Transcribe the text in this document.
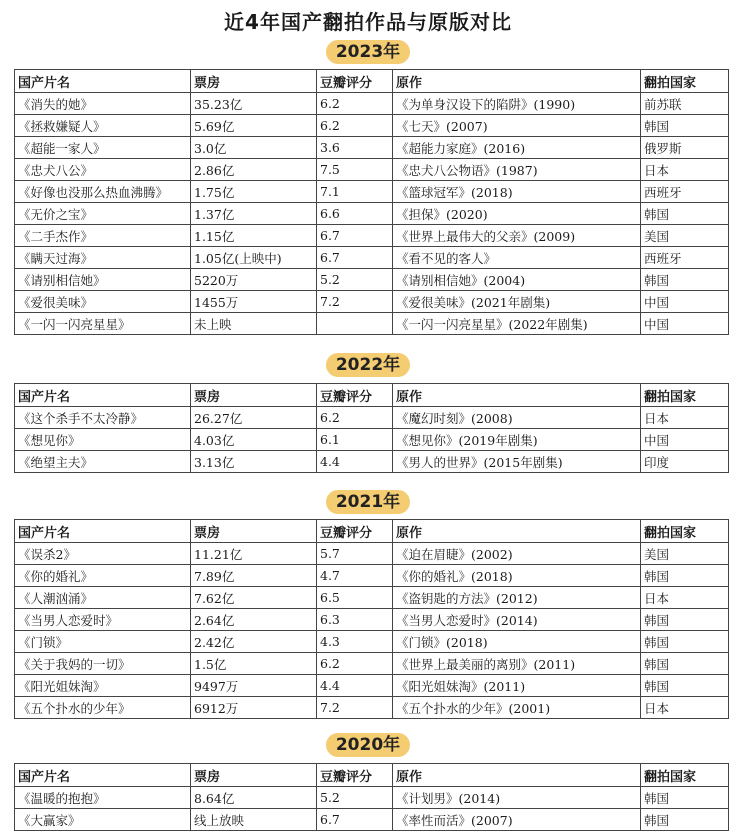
近4年国产翻拍作品与原版对比
2023年
国产片名	票房	豆瓣评分	原作	翻拍国家
《消失的她》	35.23亿	6.2	《为单身汉设下的陷阱》(1990)	前苏联
《拯救嫌疑人》	5.69亿	6.2	《七天》(2007)	韩国
《超能一家人》	3.0亿	3.6	《超能力家庭》(2016)	俄罗斯
《忠犬八公》	2.86亿	7.5	《忠犬八公物语》(1987)	日本
《好像也没那么热血沸腾》	1.75亿	7.1	《篮球冠军》(2018)	西班牙
《无价之宝》	1.37亿	6.6	《担保》(2020)	韩国
《二手杰作》	1.15亿	6.7	《世界上最伟大的父亲》(2009)	美国
《瞒天过海》	1.05亿(上映中)	6.7	《看不见的客人》	西班牙
《请别相信她》	5220万	5.2	《请别相信她》(2004)	韩国
《爱很美味》	1455万	7.2	《爱很美味》(2021年剧集)	中国
《一闪一闪亮星星》	未上映		《一闪一闪亮星星》(2022年剧集)	中国
2022年
国产片名	票房	豆瓣评分	原作	翻拍国家
《这个杀手不太冷静》	26.27亿	6.2	《魔幻时刻》(2008)	日本
《想见你》	4.03亿	6.1	《想见你》(2019年剧集)	中国
《绝望主夫》	3.13亿	4.4	《男人的世界》(2015年剧集)	印度
2021年
国产片名	票房	豆瓣评分	原作	翻拍国家
《误杀2》	11.21亿	5.7	《迫在眉睫》(2002)	美国
《你的婚礼》	7.89亿	4.7	《你的婚礼》(2018)	韩国
《人潮汹涌》	7.62亿	6.5	《盗钥匙的方法》(2012)	日本
《当男人恋爱时》	2.64亿	6.3	《当男人恋爱时》(2014)	韩国
《门锁》	2.42亿	4.3	《门锁》(2018)	韩国
《关于我妈的一切》	1.5亿	6.2	《世界上最美丽的离别》(2011)	韩国
《阳光姐妹淘》	9497万	4.4	《阳光姐妹淘》(2011)	韩国
《五个扑水的少年》	6912万	7.2	《五个扑水的少年》(2001)	日本
2020年
国产片名	票房	豆瓣评分	原作	翻拍国家
《温暖的抱抱》	8.64亿	5.2	《计划男》(2014)	韩国
《大赢家》	线上放映	6.7	《率性而活》(2007)	韩国
